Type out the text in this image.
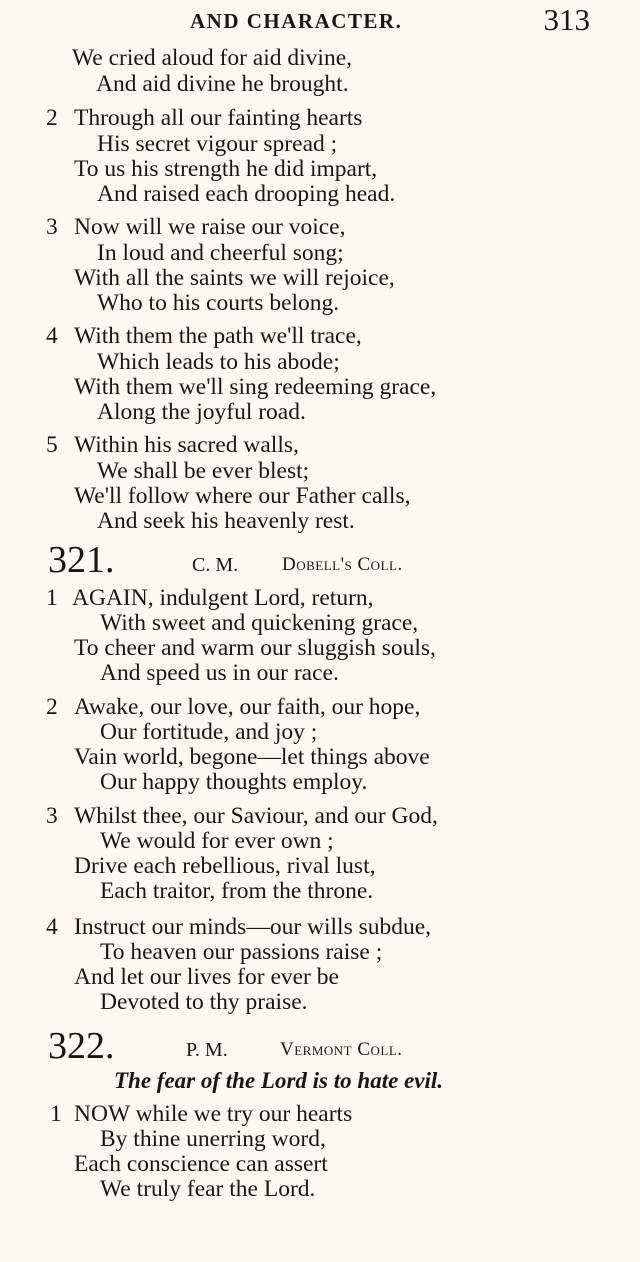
AND CHARACTER.	313
We cried aloud for aid divine,
And aid divine he brought.
2 Through all our fainting hearts
His secret vigour spread ;
To us his strength he did impart,
And raised each drooping head.
3 Now will we raise our voice,
In loud and cheerful song;
With all the saints we will rejoice,
Who to his courts belong.
4 With them the path we'll trace,
Which leads to his abode;
With them we'll sing redeeming grace,
Along the joyful road.
5 Within his sacred walls,
We shall be ever blest;
We'll follow where our Father calls,
And seek his heavenly rest.
321.	C. M. Dobell's Coll.
1 AGAIN, indulgent Lord, return,
With sweet and quickening grace,
To cheer and warm our sluggish souls,
And speed us in our race.
2 Awake, our love, our faith, our hope,
Our fortitude, and joy ;
Vain world, begone—let things above
Our happy thoughts employ.
3 Whilst thee, our Saviour, and our God,
We would for ever own ;
Drive each rebellious, rival lust,
Each traitor, from the throne.
4 Instruct our minds—our wills subdue,
To heaven our passions raise ;
And let our lives for ever be
Devoted to thy praise.
322.	P. M.	Vermont Coll.
The fear of the Lord is to hate evil.
1 NOW while we try our hearts
By thine unerring word,
Each conscience can assert
We truly fear the Lord.
